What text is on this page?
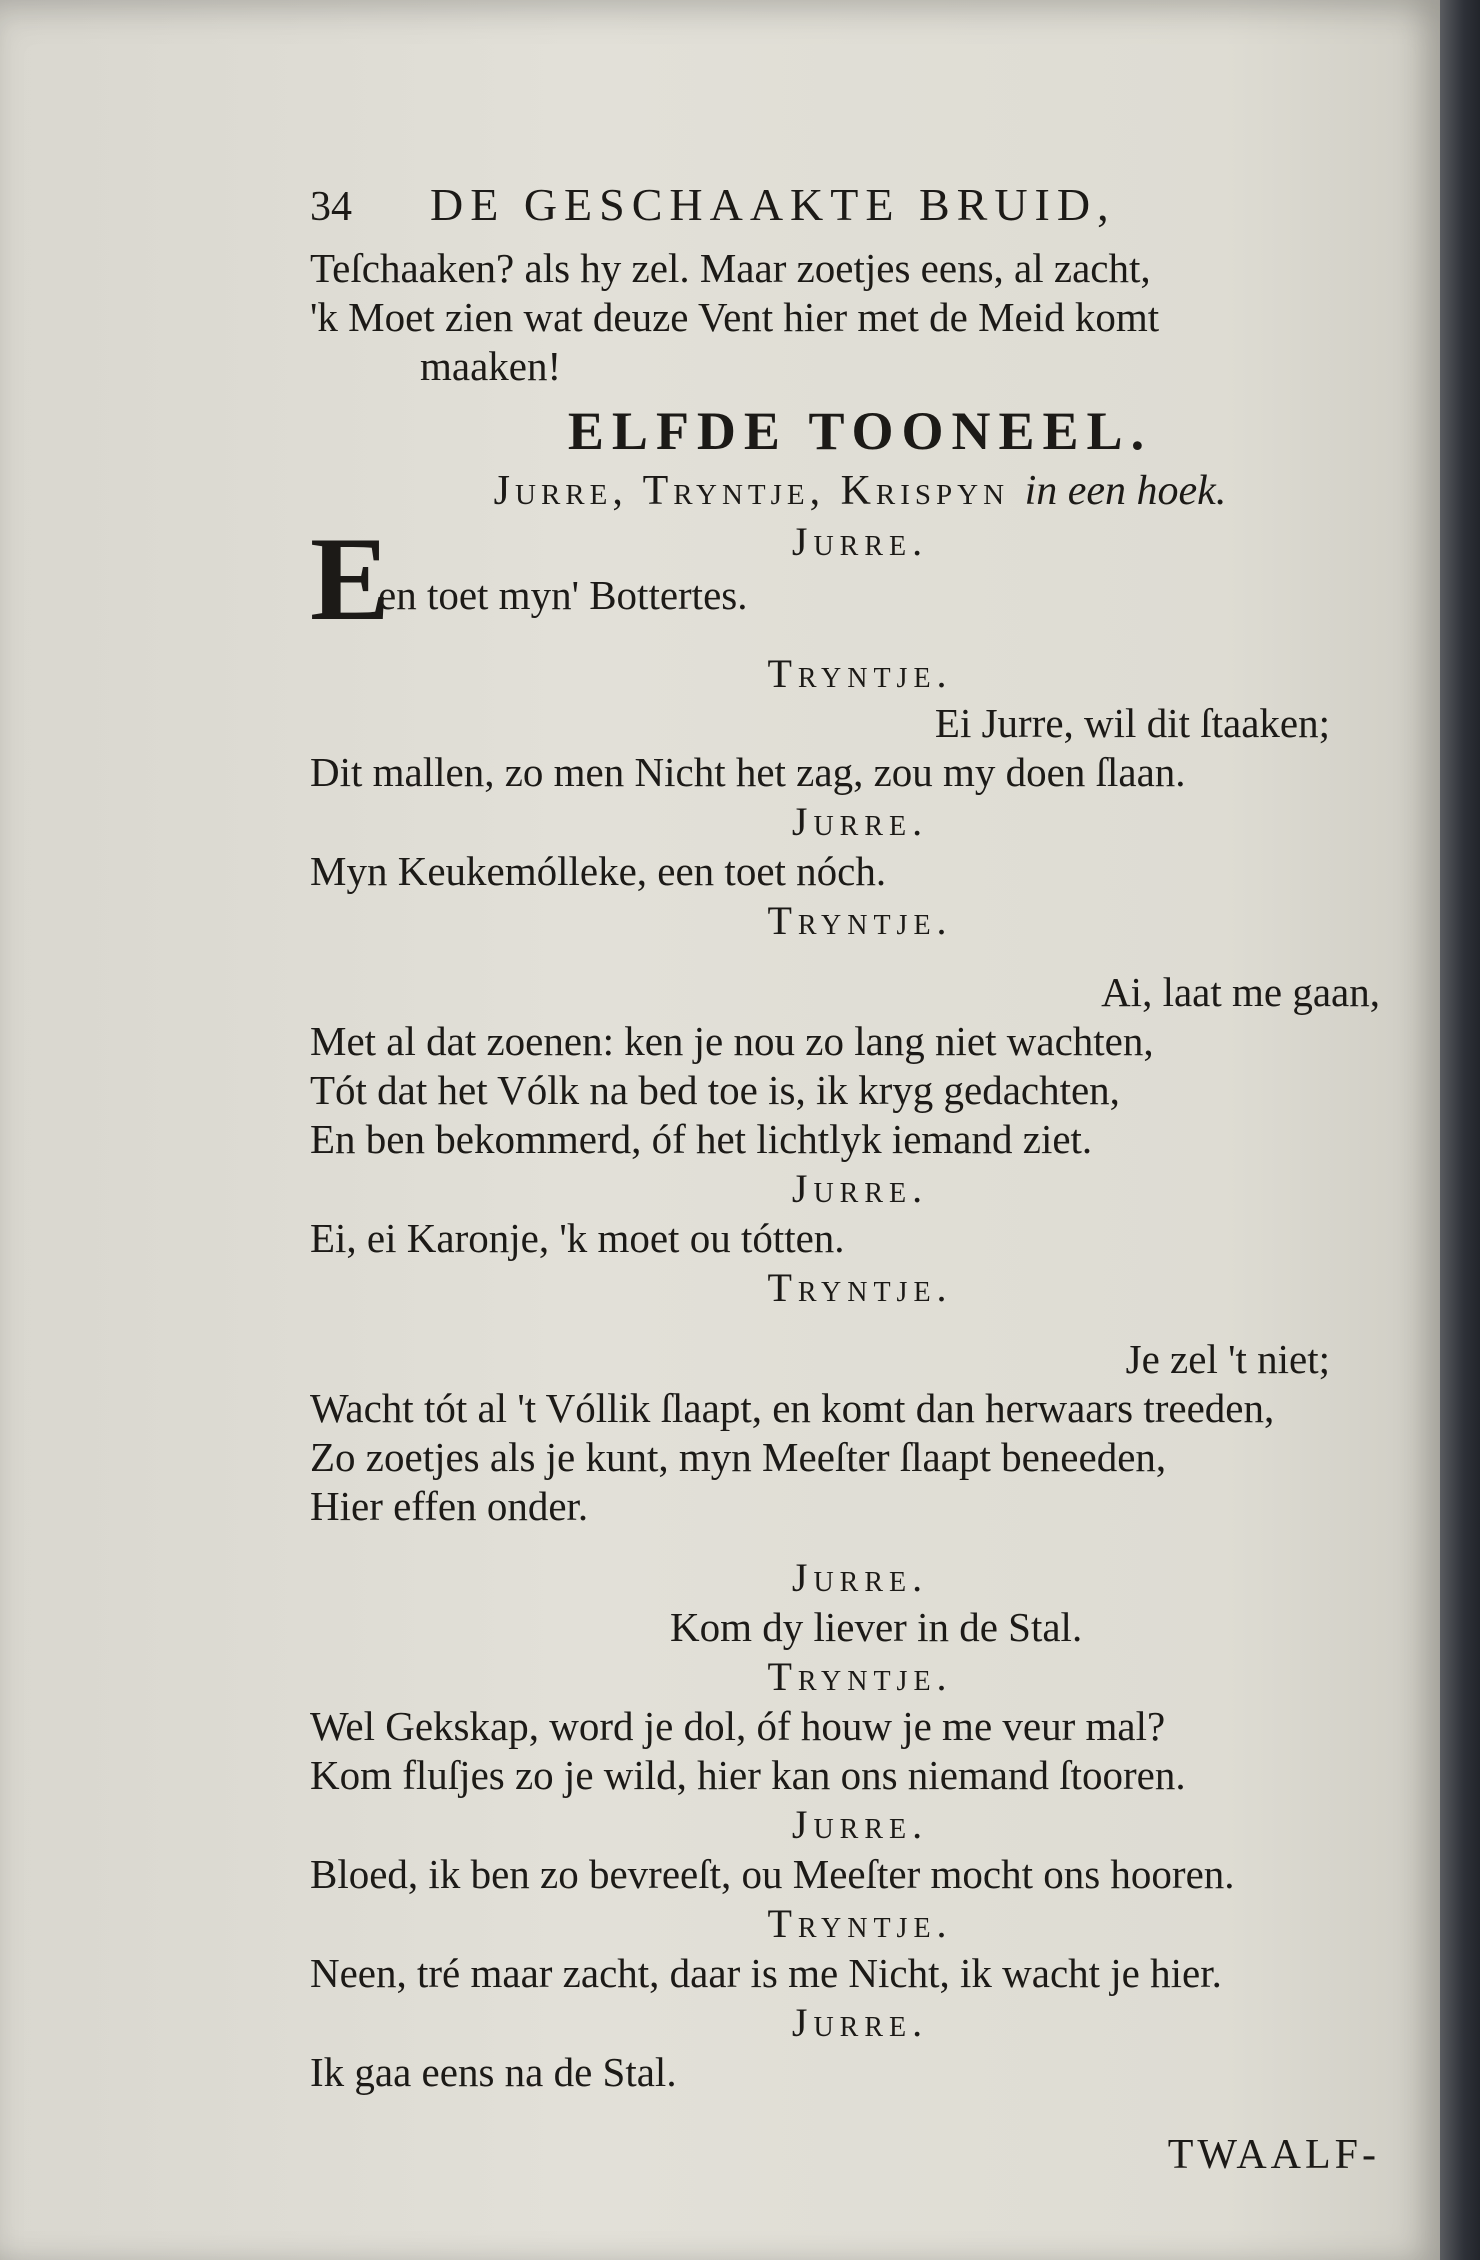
34	DE GESCHAAKTE BRUID,
Teſchaaken? als hy zel. Maar zoetjes eens, al zacht,
'k Moet zien wat deuze Vent hier met de Meid komt
maaken!
ELFDE TOONEEL.
Jurre, Tryntje, Krispyn in een hoek.
Jurre.
E
en toet myn' Bottertes.
Tryntje.
Ei Jurre, wil dit ſtaaken;
Dit mallen, zo men Nicht het zag, zou my doen ſlaan.
Jurre.
Myn Keukemólleke, een toet nóch.
Tryntje.
Ai, laat me gaan,
Met al dat zoenen: ken je nou zo lang niet wachten,
Tót dat het Vólk na bed toe is, ik kryg gedachten,
En ben bekommerd, óf het lichtlyk iemand ziet.
Jurre.
Ei, ei Karonje, 'k moet ou tótten.
Tryntje.
Je zel 't niet;
Wacht tót al 't Vóllik ſlaapt, en komt dan herwaars treeden,
Zo zoetjes als je kunt, myn Meeſter ſlaapt beneeden,
Hier effen onder.
Jurre.
Kom dy liever in de Stal.
Tryntje.
Wel Gekskap, word je dol, óf houw je me veur mal?
Kom fluſjes zo je wild, hier kan ons niemand ſtooren.
Jurre.
Bloed, ik ben zo bevreeſt, ou Meeſter mocht ons hooren.
Tryntje.
Neen, tré maar zacht, daar is me Nicht, ik wacht je hier.
Jurre.
Ik gaa eens na de Stal.
TWAALF-
